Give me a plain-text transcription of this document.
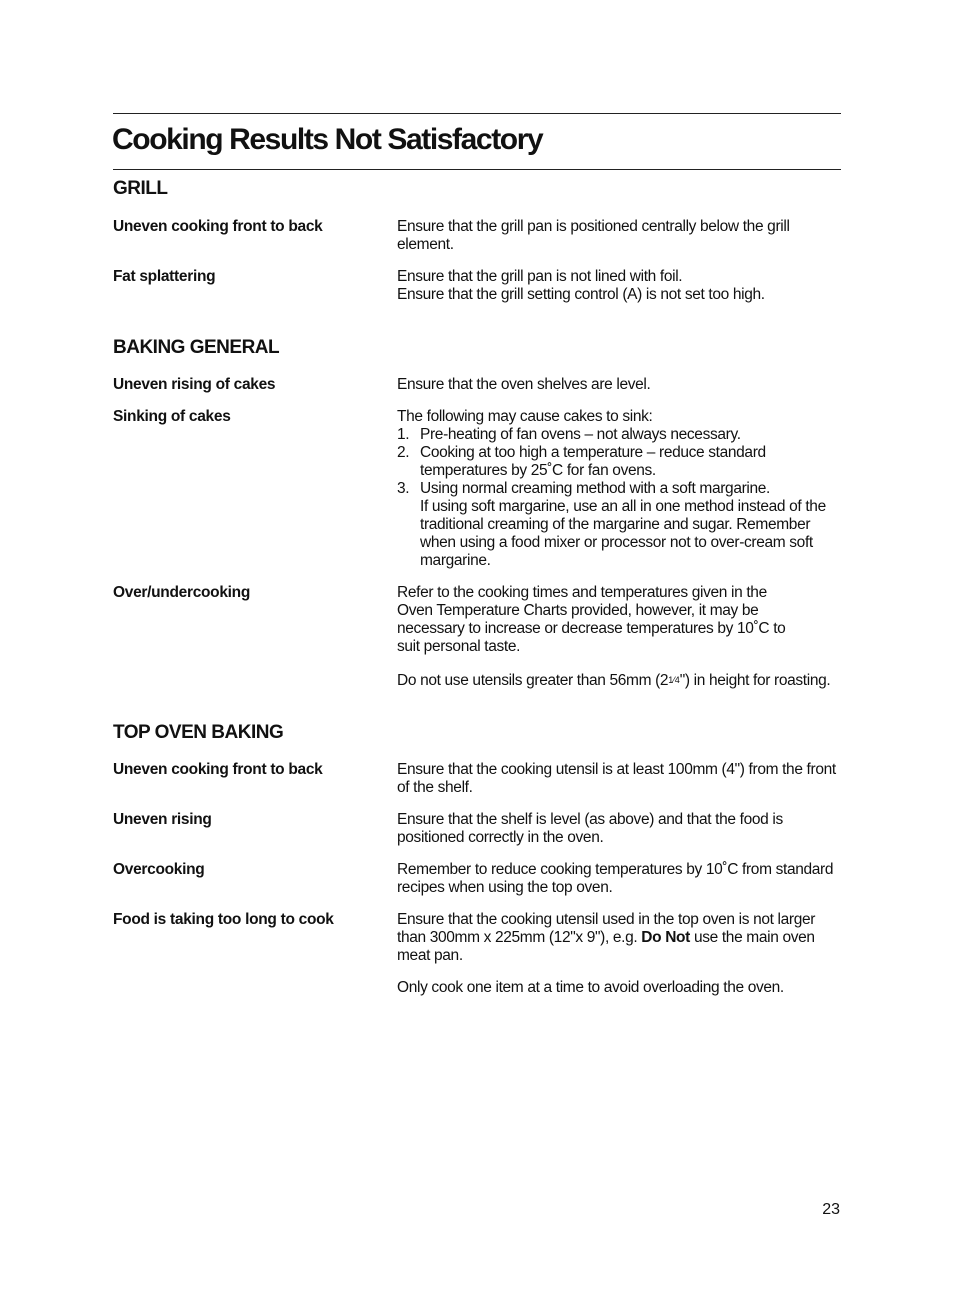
Cooking Results Not Satisfactory
GRILL

Uneven cooking front to back	Ensure that the grill pan is positioned centrally below the grill element.

Fat splattering	Ensure that the grill pan is not lined with foil.
Ensure that the grill setting control (A) is not set too high.
BAKING GENERAL

Uneven rising of cakes	Ensure that the oven shelves are level.

Sinking of cakes	The following may cause cakes to sink:
1. Pre-heating of fan ovens – not always necessary.
2. Cooking at too high a temperature – reduce standard temperatures by 25˚C for fan ovens.
3. Using normal creaming method with a soft margarine.
If using soft margarine, use an all in one method instead of the traditional creaming of the margarine and sugar. Remember when using a food mixer or processor not to over-cream soft margarine.

Over/undercooking	Refer to the cooking times and temperatures given in the Oven Temperature Charts provided, however, it may be necessary to increase or decrease temperatures by 10˚C to suit personal taste.

Do not use utensils greater than 56mm (21⁄4") in height for roasting.

TOP OVEN BAKING

Uneven cooking front to back	Ensure that the cooking utensil is at least 100mm (4") from the front of the shelf.

Uneven rising	Ensure that the shelf is level (as above) and that the food is positioned correctly in the oven.

Overcooking	Remember to reduce cooking temperatures by 10˚C from standard recipes when using the top oven.

Food is taking too long to cook	Ensure that the cooking utensil used in the top oven is not larger than 300mm x 225mm (12"x 9"), e.g. Do Not use the main oven meat pan.

Only cook one item at a time to avoid overloading the oven.

23
